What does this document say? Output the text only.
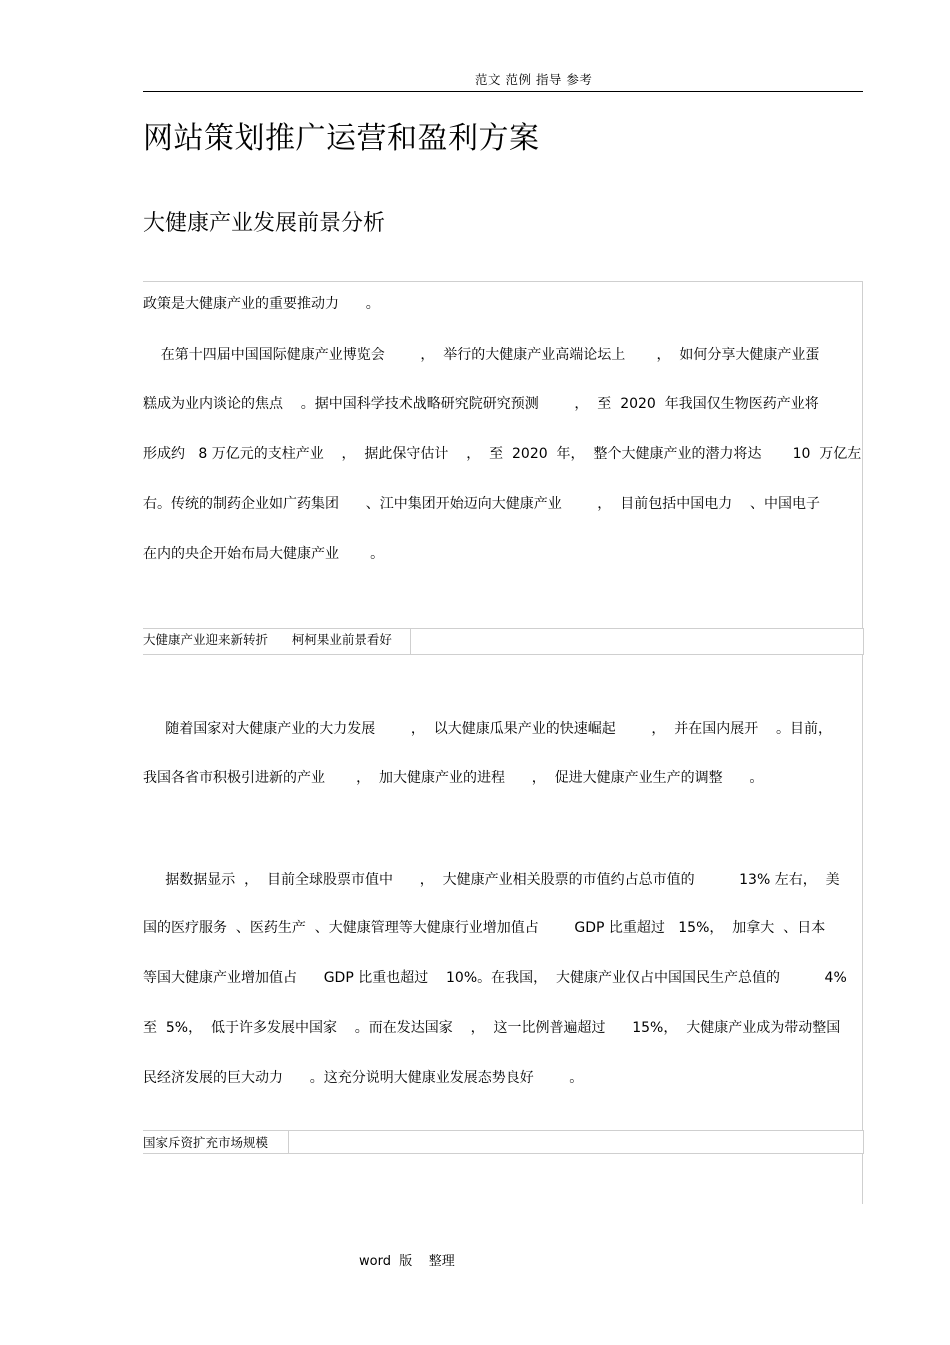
范文 范例 指导 参考
网站策划推广运营和盈利方案
大健康产业发展前景分析
政策是大健康产业的重要推动力      。
在第十四届中国国际健康产业博览会        ，  举行的大健康产业高端论坛上       ，  如何分享大健康产业蛋
糕成为业内谈论的焦点    。据中国科学技术战略研究院研究预测        ，  至  2020  年我国仅生物医药产业将
形成约   8 万亿元的支柱产业    ，  据此保守估计    ，  至  2020  年，  整个大健康产业的潜力将达       10  万亿左
右。传统的制药企业如广药集团      、江中集团开始迈向大健康产业        ，  目前包括中国电力    、中国电子
在内的央企开始布局大健康产业       。
大健康产业迎来新转折      柯柯果业前景看好
随着国家对大健康产业的大力发展        ，  以大健康瓜果产业的快速崛起        ，  并在国内展开    。目前，
我国各省市积极引进新的产业       ，  加大健康产业的进程      ，  促进大健康产业生产的调整      。
据数据显示  ，  目前全球股票市值中      ，  大健康产业相关股票的市值约占总市值的          13% 左右，  美
国的医疗服务  、医药生产  、大健康管理等大健康行业增加值占        GDP 比重超过   15%，  加拿大  、日本
等国大健康产业增加值占      GDP 比重也超过    10%。在我国，  大健康产业仅占中国国民生产总值的          4%
至  5%，  低于许多发展中国家    。而在发达国家    ，  这一比例普遍超过      15%，  大健康产业成为带动整国
民经济发展的巨大动力      。这充分说明大健康业发展态势良好        。
国家斥资扩充市场规模
word  版    整理
